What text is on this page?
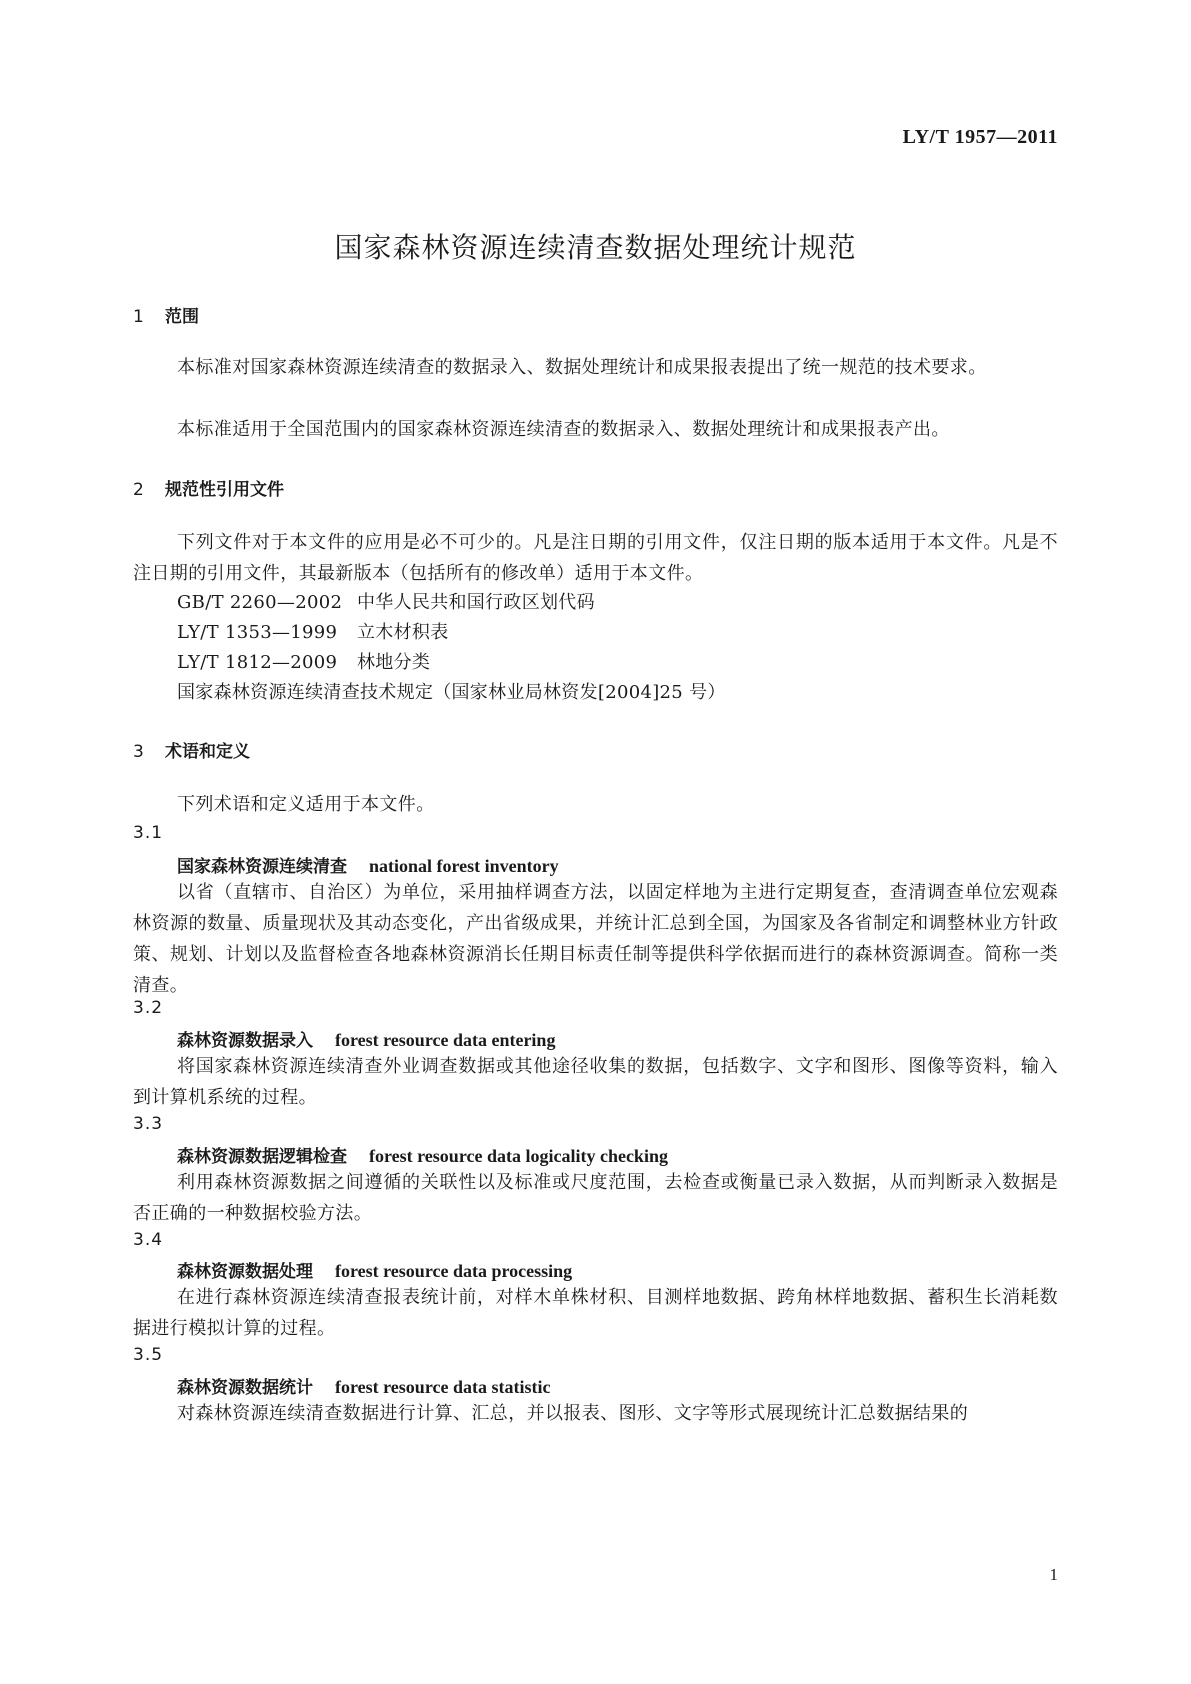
LY/T 1957—2011
国家森林资源连续清查数据处理统计规范
1 范围
本标准对国家森林资源连续清查的数据录入、数据处理统计和成果报表提出了统一规范的技术要求。
本标准适用于全国范围内的国家森林资源连续清查的数据录入、数据处理统计和成果报表产出。
2 规范性引用文件
下列文件对于本文件的应用是必不可少的。凡是注日期的引用文件，仅注日期的版本适用于本文件。凡是不注日期的引用文件，其最新版本（包括所有的修改单）适用于本文件。
GB/T 2260—2002 中华人民共和国行政区划代码
LY/T 1353—1999 立木材积表
LY/T 1812—2009 林地分类
国家森林资源连续清查技术规定（国家林业局林资发[2004]25 号）
3 术语和定义
下列术语和定义适用于本文件。
3.1
国家森林资源连续清查 national forest inventory
以省（直辖市、自治区）为单位，采用抽样调查方法，以固定样地为主进行定期复查，查清调查单位宏观森林资源的数量、质量现状及其动态变化，产出省级成果，并统计汇总到全国，为国家及各省制定和调整林业方针政策、规划、计划以及监督检查各地森林资源消长任期目标责任制等提供科学依据而进行的森林资源调查。简称一类清查。
3.2
森林资源数据录入 forest resource data entering
将国家森林资源连续清查外业调查数据或其他途径收集的数据，包括数字、文字和图形、图像等资料，输入到计算机系统的过程。
3.3
森林资源数据逻辑检查 forest resource data logicality checking
利用森林资源数据之间遵循的关联性以及标准或尺度范围，去检查或衡量已录入数据，从而判断录入数据是否正确的一种数据校验方法。
3.4
森林资源数据处理 forest resource data processing
在进行森林资源连续清查报表统计前，对样木单株材积、目测样地数据、跨角林样地数据、蓄积生长消耗数据进行模拟计算的过程。
3.5
森林资源数据统计 forest resource data statistic
对森林资源连续清查数据进行计算、汇总，并以报表、图形、文字等形式展现统计汇总数据结果的
1
